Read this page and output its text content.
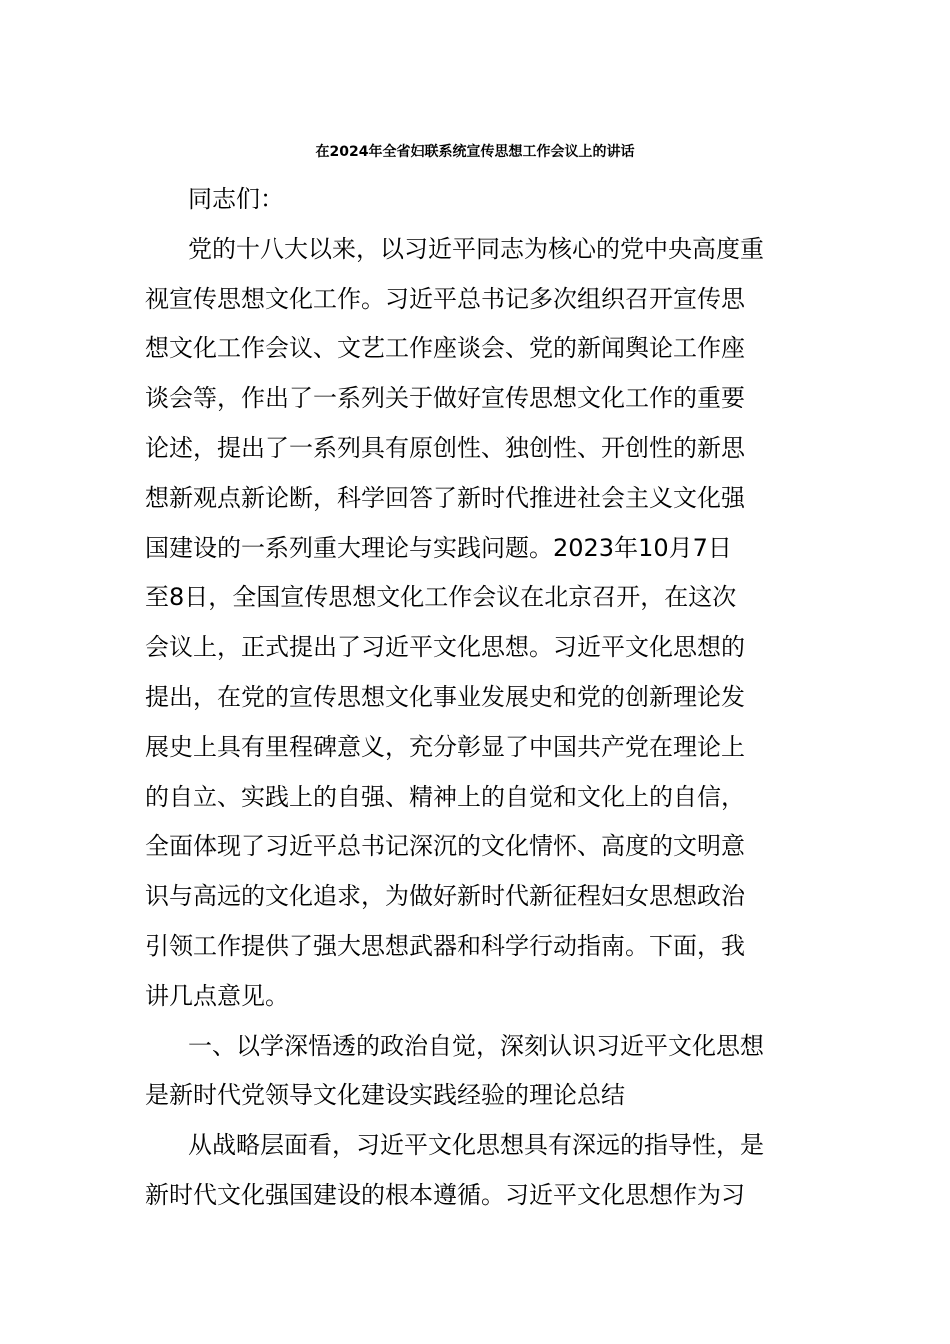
在2024年全省妇联系统宣传思想工作会议上的讲话
同志们：
党的十八大以来，以习近平同志为核心的党中央高度重
视宣传思想文化工作。习近平总书记多次组织召开宣传思
想文化工作会议、文艺工作座谈会、党的新闻舆论工作座
谈会等，作出了一系列关于做好宣传思想文化工作的重要
论述，提出了一系列具有原创性、独创性、开创性的新思
想新观点新论断，科学回答了新时代推进社会主义文化强
国建设的一系列重大理论与实践问题。2023年10月7日
至8日，全国宣传思想文化工作会议在北京召开，在这次
会议上，正式提出了习近平文化思想。习近平文化思想的
提出，在党的宣传思想文化事业发展史和党的创新理论发
展史上具有里程碑意义，充分彰显了中国共产党在理论上
的自立、实践上的自强、精神上的自觉和文化上的自信，
全面体现了习近平总书记深沉的文化情怀、高度的文明意
识与高远的文化追求，为做好新时代新征程妇女思想政治
引领工作提供了强大思想武器和科学行动指南。下面，我
讲几点意见。
一、以学深悟透的政治自觉，深刻认识习近平文化思想
是新时代党领导文化建设实践经验的理论总结
从战略层面看，习近平文化思想具有深远的指导性，是
新时代文化强国建设的根本遵循。习近平文化思想作为习
